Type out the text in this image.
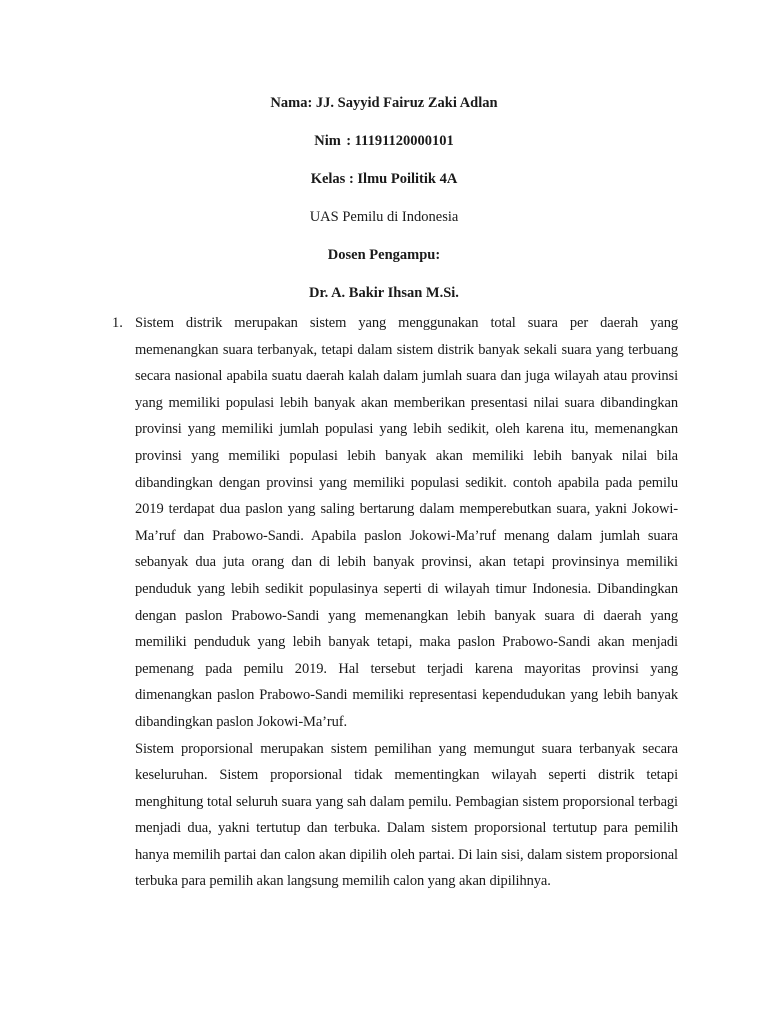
Nama: JJ. Sayyid Fairuz Zaki Adlan
Nim : 11191120000101
Kelas : Ilmu Poilitik 4A
UAS Pemilu di Indonesia
Dosen Pengampu:
Dr. A. Bakir Ihsan M.Si.
1. Sistem distrik merupakan sistem yang menggunakan total suara per daerah yang memenangkan suara terbanyak, tetapi dalam sistem distrik banyak sekali suara yang terbuang secara nasional apabila suatu daerah kalah dalam jumlah suara dan juga wilayah atau provinsi yang memiliki populasi lebih banyak akan memberikan presentasi nilai suara dibandingkan provinsi yang memiliki jumlah populasi yang lebih sedikit, oleh karena itu, memenangkan provinsi yang memiliki populasi lebih banyak akan memiliki lebih banyak nilai bila dibandingkan dengan provinsi yang memiliki populasi sedikit. contoh apabila pada pemilu 2019 terdapat dua paslon yang saling bertarung dalam memperebutkan suara, yakni Jokowi-Ma’ruf dan Prabowo-Sandi. Apabila paslon Jokowi-Ma’ruf menang dalam jumlah suara sebanyak dua juta orang dan di lebih banyak provinsi, akan tetapi provinsinya memiliki penduduk yang lebih sedikit populasinya seperti di wilayah timur Indonesia. Dibandingkan dengan paslon Prabowo-Sandi yang memenangkan lebih banyak suara di daerah yang memiliki penduduk yang lebih banyak tetapi, maka paslon Prabowo-Sandi akan menjadi pemenang pada pemilu 2019. Hal tersebut terjadi karena mayoritas provinsi yang dimenangkan paslon Prabowo-Sandi memiliki representasi kependudukan yang lebih banyak dibandingkan paslon Jokowi-Ma’ruf.

Sistem proporsional merupakan sistem pemilihan yang memungut suara terbanyak secara keseluruhan. Sistem proporsional tidak mementingkan wilayah seperti distrik tetapi menghitung total seluruh suara yang sah dalam pemilu. Pembagian sistem proporsional terbagi menjadi dua, yakni tertutup dan terbuka. Dalam sistem proporsional tertutup para pemilih hanya memilih partai dan calon akan dipilih oleh partai. Di lain sisi, dalam sistem proporsional terbuka para pemilih akan langsung memilih calon yang akan dipilihnya.
